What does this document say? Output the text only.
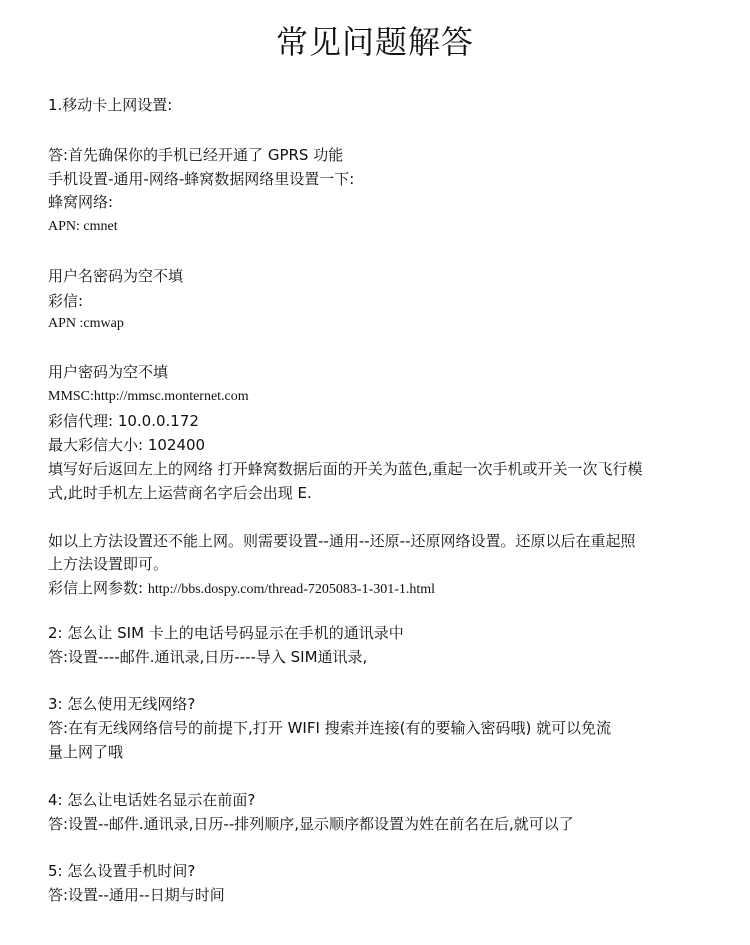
常见问题解答

1.移动卡上网设置:

答:首先确保你的手机已经开通了 GPRS 功能

手机设置-通用-网络-蜂窝数据网络里设置一下:

蜂窝网络:

APN: cmnet

用户名密码为空不填

彩信:

APN :cmwap

用户密码为空不填

MMSC:http://mmsc.monternet.com

彩信代理: 10.0.0.172

最大彩信大小: 102400

填写好后返回左上的网络 打开蜂窝数据后面的开关为蓝色,重起一次手机或开关一次飞行模

式,此时手机左上运营商名字后会出现 E.

如以上方法设置还不能上网。则需要设置--通用--还原--还原网络设置。还原以后在重起照

上方法设置即可。

彩信上网参数: http://bbs.dospy.com/thread-7205083-1-301-1.html

2: 怎么让 SIM 卡上的电话号码显示在手机的通讯录中

答:设置----邮件.通讯录,日历----导入 SIM通讯录,

3: 怎么使用无线网络?

答:在有无线网络信号的前提下,打开 WIFI 搜索并连接(有的要输入密码哦) 就可以免流

量上网了哦

4: 怎么让电话姓名显示在前面?

答:设置--邮件.通讯录,日历--排列顺序,显示顺序都设置为姓在前名在后,就可以了

5: 怎么设置手机时间?

答:设置--通用--日期与时间
